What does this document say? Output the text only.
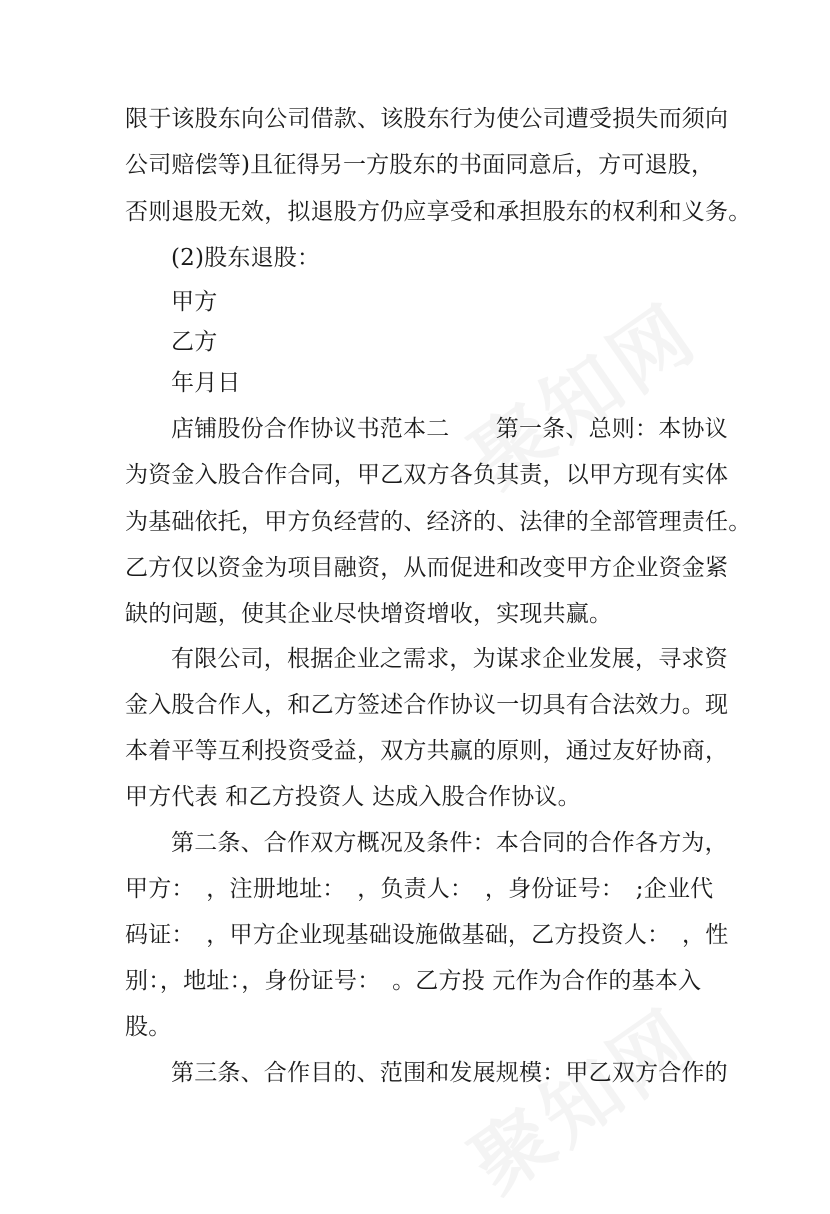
限于该股东向公司借款、该股东行为使公司遭受损失而须向
公司赔偿等)且征得另一方股东的书面同意后，方可退股，
否则退股无效，拟退股方仍应享受和承担股东的权利和义务。
(2)股东退股：
甲方
乙方
年月日
店铺股份合作协议书范本二　　第一条、总则：本协议
为资金入股合作合同，甲乙双方各负其责，以甲方现有实体
为基础依托，甲方负经营的、经济的、法律的全部管理责任。
乙方仅以资金为项目融资，从而促进和改变甲方企业资金紧
缺的问题，使其企业尽快增资增收，实现共赢。
有限公司，根据企业之需求，为谋求企业发展，寻求资
金入股合作人，和乙方签述合作协议一切具有合法效力。现
本着平等互利投资受益，双方共赢的原则，通过友好协商，
甲方代表 和乙方投资人 达成入股合作协议。
第二条、合作双方概况及条件：本合同的合作各方为，
甲方：　，注册地址：　，负责人：　，身份证号：　;企业代
码证：　，甲方企业现基础设施做基础，乙方投资人：　，性
别：，地址：，身份证号：　。乙方投 元作为合作的基本入
股。
第三条、合作目的、范围和发展规模：甲乙双方合作的
